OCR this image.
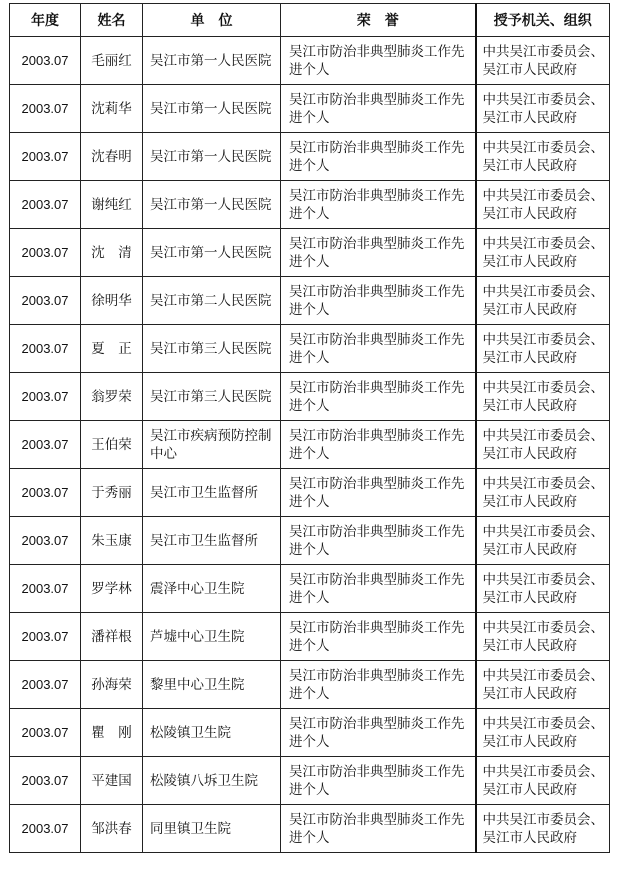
年度	姓名	单　位	荣　誉	授予机关、组织
2003.07	毛丽红	吴江市第一人民医院	吴江市防治非典型肺炎工作先进个人	中共吴江市委员会、吴江市人民政府
2003.07	沈莉华	吴江市第一人民医院	吴江市防治非典型肺炎工作先进个人	中共吴江市委员会、吴江市人民政府
2003.07	沈春明	吴江市第一人民医院	吴江市防治非典型肺炎工作先进个人	中共吴江市委员会、吴江市人民政府
2003.07	谢纯红	吴江市第一人民医院	吴江市防治非典型肺炎工作先进个人	中共吴江市委员会、吴江市人民政府
2003.07	沈　清	吴江市第一人民医院	吴江市防治非典型肺炎工作先进个人	中共吴江市委员会、吴江市人民政府
2003.07	徐明华	吴江市第二人民医院	吴江市防治非典型肺炎工作先进个人	中共吴江市委员会、吴江市人民政府
2003.07	夏　正	吴江市第三人民医院	吴江市防治非典型肺炎工作先进个人	中共吴江市委员会、吴江市人民政府
2003.07	翁罗荣	吴江市第三人民医院	吴江市防治非典型肺炎工作先进个人	中共吴江市委员会、吴江市人民政府
2003.07	王伯荣	吴江市疾病预防控制中心	吴江市防治非典型肺炎工作先进个人	中共吴江市委员会、吴江市人民政府
2003.07	于秀丽	吴江市卫生监督所	吴江市防治非典型肺炎工作先进个人	中共吴江市委员会、吴江市人民政府
2003.07	朱玉康	吴江市卫生监督所	吴江市防治非典型肺炎工作先进个人	中共吴江市委员会、吴江市人民政府
2003.07	罗学林	震泽中心卫生院	吴江市防治非典型肺炎工作先进个人	中共吴江市委员会、吴江市人民政府
2003.07	潘祥根	芦墟中心卫生院	吴江市防治非典型肺炎工作先进个人	中共吴江市委员会、吴江市人民政府
2003.07	孙海荣	黎里中心卫生院	吴江市防治非典型肺炎工作先进个人	中共吴江市委员会、吴江市人民政府
2003.07	瞿　刚	松陵镇卫生院	吴江市防治非典型肺炎工作先进个人	中共吴江市委员会、吴江市人民政府
2003.07	平建国	松陵镇八坼卫生院	吴江市防治非典型肺炎工作先进个人	中共吴江市委员会、吴江市人民政府
2003.07	邹洪春	同里镇卫生院	吴江市防治非典型肺炎工作先进个人	中共吴江市委员会、吴江市人民政府
